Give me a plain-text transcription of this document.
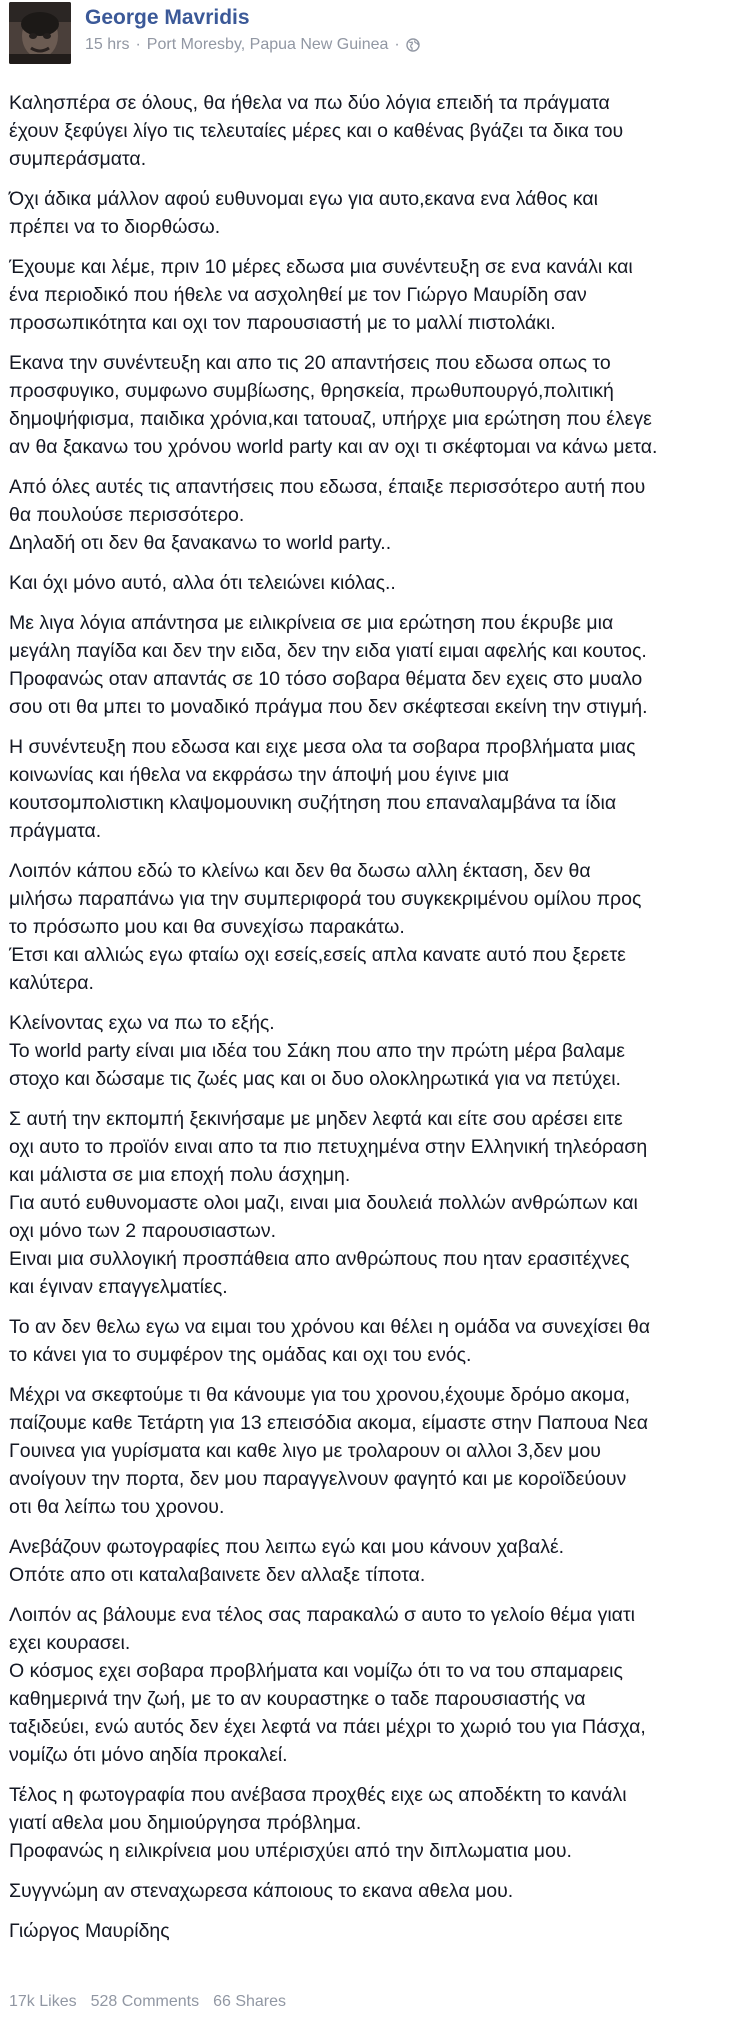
George Mavridis
15 hrs · Port Moresby, Papua New Guinea ·

Καλησπέρα σε όλους, θα ήθελα να πω δύο λόγια επειδή τα πράγματα
έχουν ξεφύγει λίγο τις τελευταίες μέρες και ο καθένας βγάζει τα δικα του
συμπεράσματα.

Όχι άδικα μάλλον αφού ευθυνομαι εγω για αυτο,εκανα ενα λάθος και
πρέπει να το διορθώσω.

Έχουμε και λέμε, πριν 10 μέρες εδωσα μια συνέντευξη σε ενα κανάλι και
ένα περιοδικό που ήθελε να ασχοληθεί με τον Γιώργο Μαυρίδη σαν
προσωπικότητα και οχι τον παρουσιαστή με το μαλλί πιστολάκι.

Εκανα την συνέντευξη και απο τις 20 απαντήσεις που εδωσα οπως το
προσφυγικο, συμφωνο συμβίωσης, θρησκεία, πρωθυπουργό,πολιτική
δημοψήφισμα, παιδικα χρόνια,και τατουαζ, υπήρχε μια ερώτηση που έλεγε
αν θα ξακανω του χρόνου world party και αν οχι τι σκέφτομαι να κάνω μετα.

Από όλες αυτές τις απαντήσεις που εδωσα, έπαιξε περισσότερο αυτή που
θα πουλούσε περισσότερο.
Δηλαδή οτι δεν θα ξανακανω το world party..

Και όχι μόνο αυτό, αλλα ότι τελειώνει κιόλας..

Με λιγα λόγια απάντησα με ειλικρίνεια σε μια ερώτηση που έκρυβε μια
μεγάλη παγίδα και δεν την ειδα, δεν την ειδα γιατί ειμαι αφελής και κουτος.
Προφανώς οταν απαντάς σε 10 τόσο σοβαρα θέματα δεν εχεις στο μυαλο
σου οτι θα μπει το μοναδικό πράγμα που δεν σκέφτεσαι εκείνη την στιγμή.

Η συνέντευξη που εδωσα και ειχε μεσα ολα τα σοβαρα προβλήματα μιας
κοινωνίας και ήθελα να εκφράσω την άποψή μου έγινε μια
κουτσομπολιστικη κλαψομουνικη συζήτηση που επαναλαμβάνα τα ίδια
πράγματα.

Λοιπόν κάπου εδώ το κλείνω και δεν θα δωσω αλλη έκταση, δεν θα
μιλήσω παραπάνω για την συμπεριφορά του συγκεκριμένου ομίλου προς
το πρόσωπο μου και θα συνεχίσω παρακάτω.
Έτσι και αλλιώς εγω φταίω οχι εσείς,εσείς απλα κανατε αυτό που ξερετε
καλύτερα.

Κλείνοντας εχω να πω το εξής.
Το world party είναι μια ιδέα του Σάκη που απο την πρώτη μέρα βαλαμε
στοχο και δώσαμε τις ζωές μας και οι δυο ολοκληρωτικά για να πετύχει.

Σ αυτή την εκπομπή ξεκινήσαμε με μηδεν λεφτά και είτε σου αρέσει ειτε
οχι αυτο το προϊόν ειναι απο τα πιο πετυχημένα στην Ελληνική τηλεόραση
και μάλιστα σε μια εποχή πολυ άσχημη.
Για αυτό ευθυνομαστε ολοι μαζι, ειναι μια δουλειά πολλών ανθρώπων και
οχι μόνο των 2 παρουσιαστων.
Ειναι μια συλλογική προσπάθεια απο ανθρώπους που ηταν ερασιτέχνες
και έγιναν επαγγελματίες.

Το αν δεν θελω εγω να ειμαι του χρόνου και θέλει η ομάδα να συνεχίσει θα
το κάνει για το συμφέρον της ομάδας και οχι του ενός.

Μέχρι να σκεφτούμε τι θα κάνουμε για του χρονου,έχουμε δρόμο ακομα,
παίζουμε καθε Τετάρτη για 13 επεισόδια ακομα, είμαστε στην Παπουα Νεα
Γουινεα για γυρίσματα και καθε λιγο με τρολαρουν οι αλλοι 3,δεν μου
ανοίγουν την πορτα, δεν μου παραγγελνουν φαγητό και με κοροϊδεύουν
οτι θα λείπω του χρονου.

Ανεβάζουν φωτογραφίες που λειπω εγώ και μου κάνουν χαβαλέ.
Οπότε απο οτι καταλαβαινετε δεν αλλαξε τίποτα.

Λοιπόν ας βάλουμε ενα τέλος σας παρακαλώ σ αυτο το γελοίο θέμα γιατι
εχει κουρασει.
Ο κόσμος εχει σοβαρα προβλήματα και νομίζω ότι το να του σπαμαρεις
καθημερινά την ζωή, με το αν κουραστηκε ο ταδε παρουσιαστής να
ταξιδεύει, ενώ αυτός δεν έχει λεφτά να πάει μέχρι το χωριό του για Πάσχα,
νομίζω ότι μόνο αηδία προκαλεί.

Τέλος η φωτογραφία που ανέβασα προχθές ειχε ως αποδέκτη το κανάλι
γιατί αθελα μου δημιούργησα πρόβλημα.
Προφανώς η ειλικρίνεια μου υπέρισχύει από την διπλωματια μου.

Συγγνώμη αν στεναχωρεσα κάποιους το εκανα αθελα μου.

Γιώργος Μαυρίδης

17k Likes 528 Comments 66 Shares
